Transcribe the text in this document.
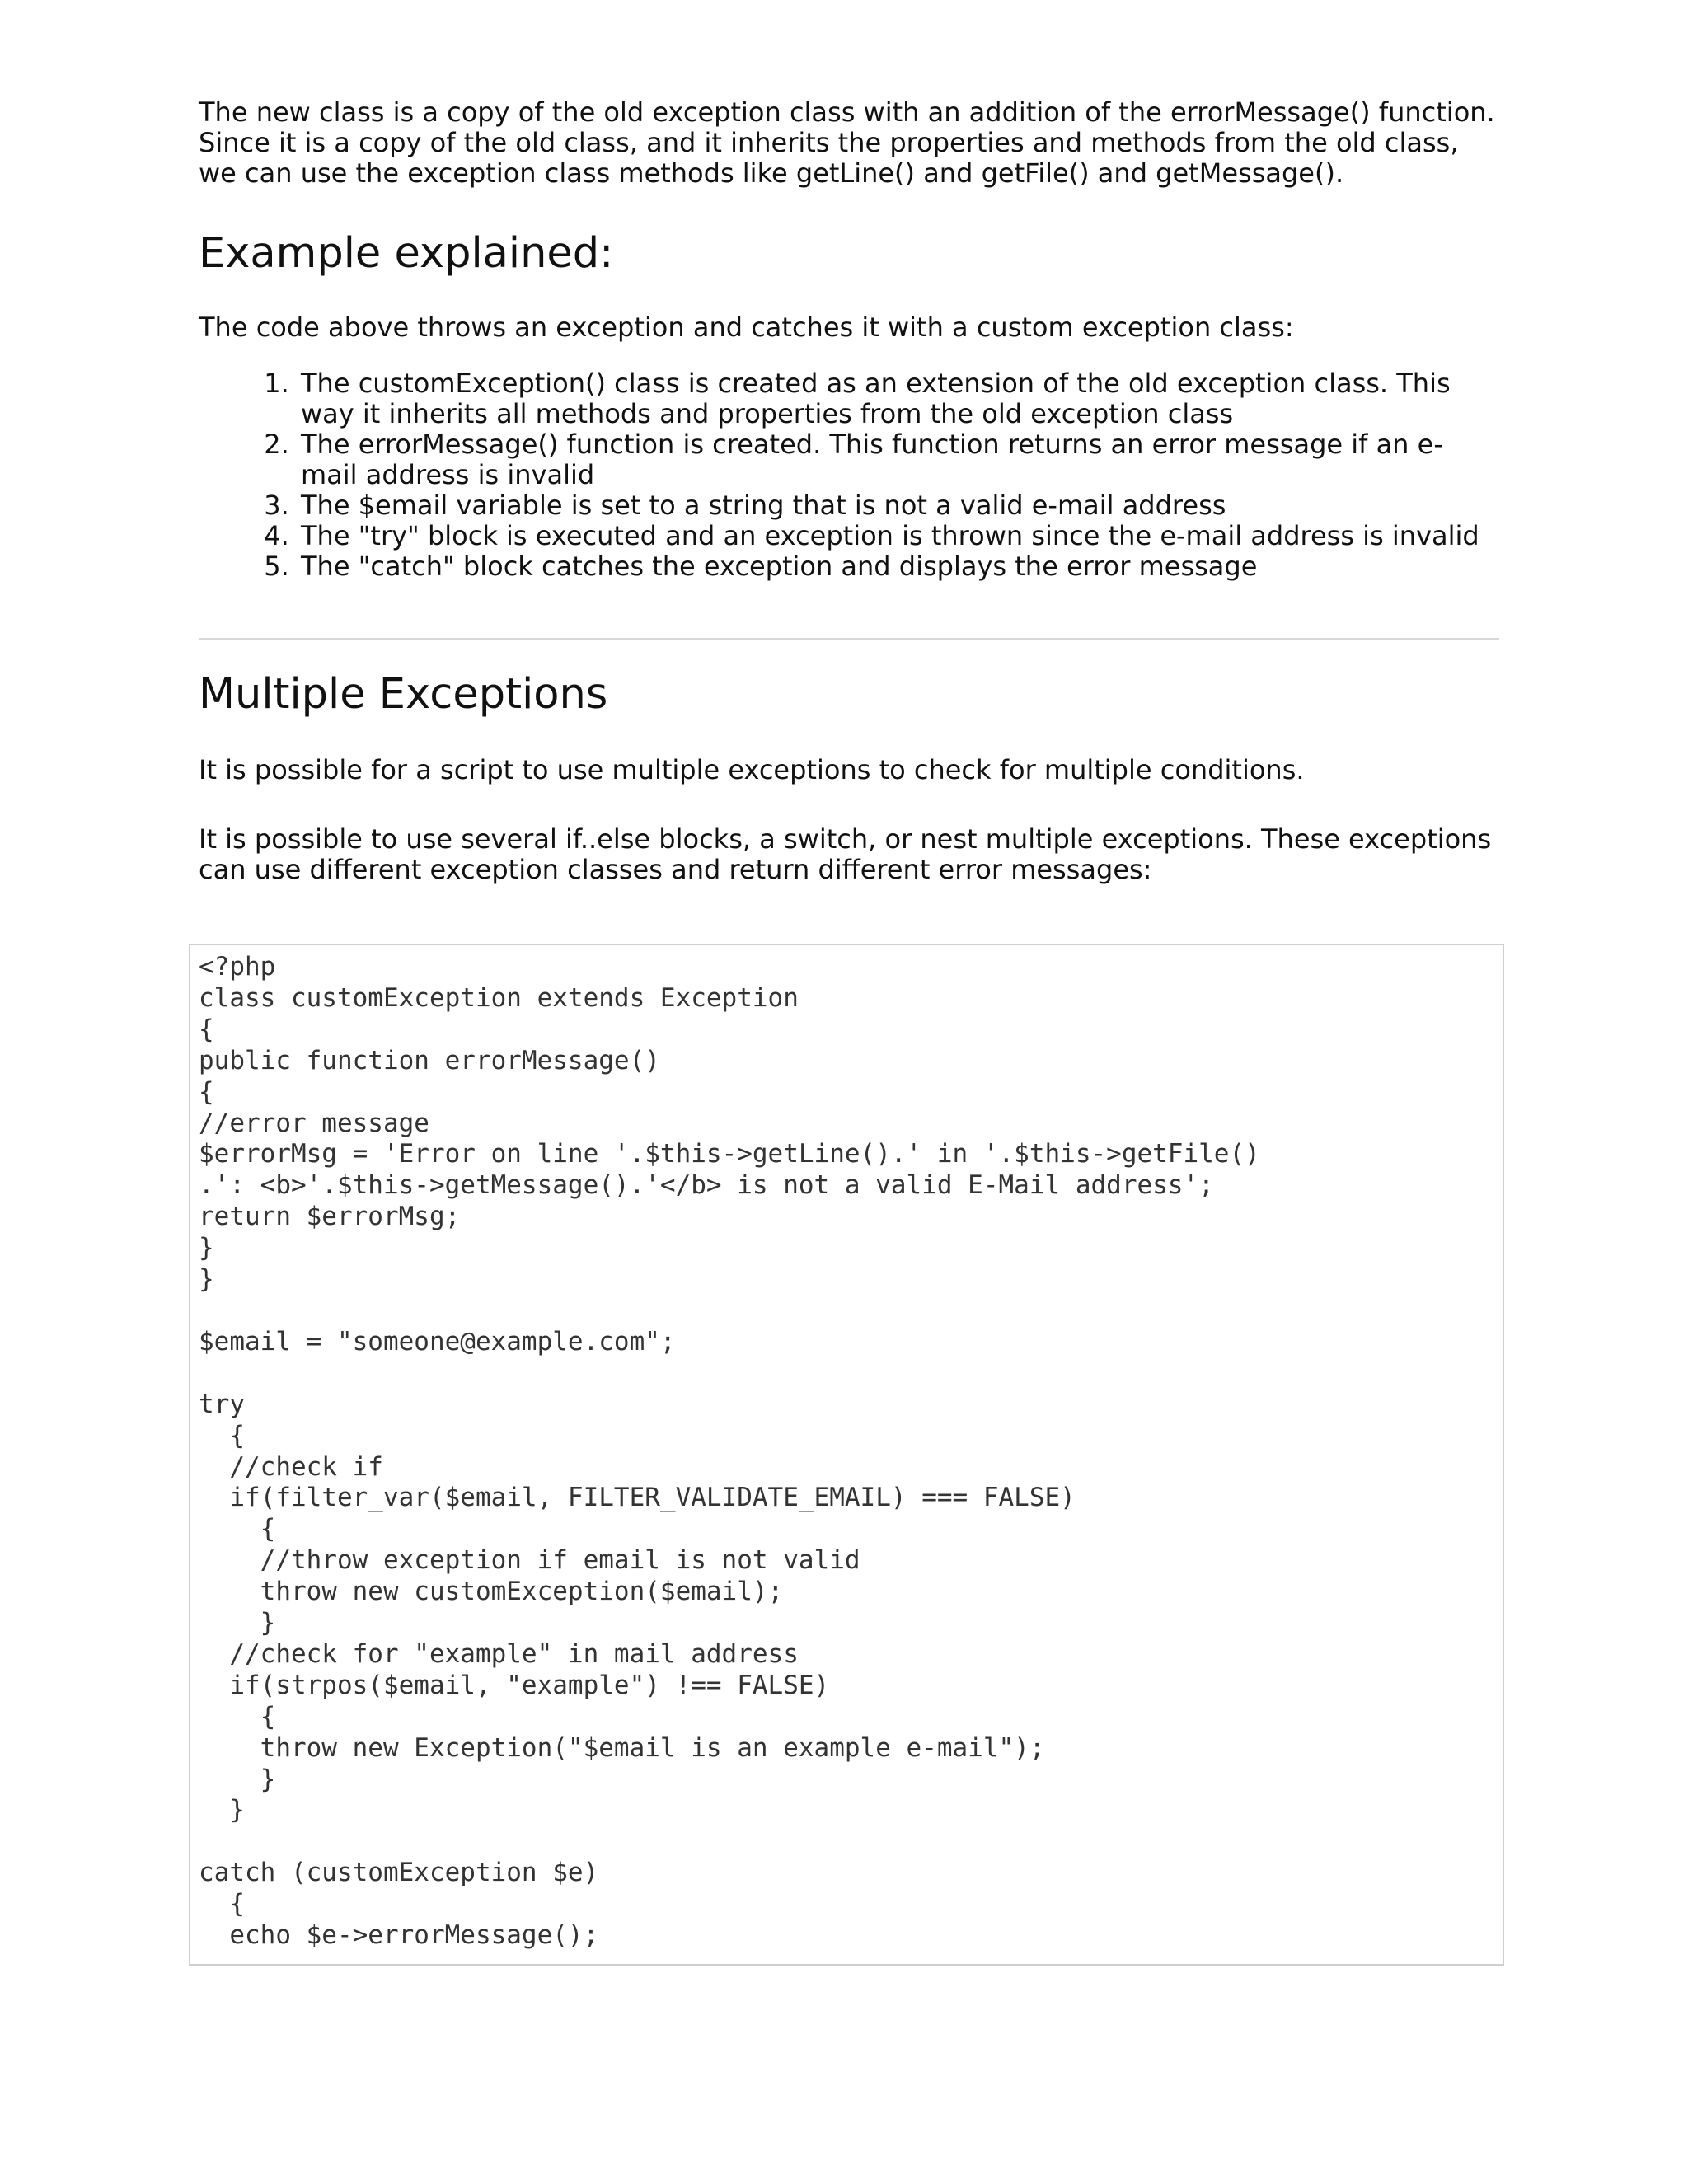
The new class is a copy of the old exception class with an addition of the errorMessage() function. Since it is a copy of the old class, and it inherits the properties and methods from the old class, we can use the exception class methods like getLine() and getFile() and getMessage().

Example explained:

The code above throws an exception and catches it with a custom exception class:

1. The customException() class is created as an extension of the old exception class. This way it inherits all methods and properties from the old exception class
2. The errorMessage() function is created. This function returns an error message if an e-mail address is invalid
3. The $email variable is set to a string that is not a valid e-mail address
4. The "try" block is executed and an exception is thrown since the e-mail address is invalid
5. The "catch" block catches the exception and displays the error message
Multiple Exceptions

It is possible for a script to use multiple exceptions to check for multiple conditions.

It is possible to use several if..else blocks, a switch, or nest multiple exceptions. These exceptions can use different exception classes and return different error messages:

<?php
class customException extends Exception
{
public function errorMessage()
{
//error message
$errorMsg = 'Error on line '.$this->getLine().' in '.$this->getFile()
.': <b>'.$this->getMessage().'</b> is not a valid E-Mail address';
return $errorMsg;
}
}

$email = "someone@example.com";

try
{
//check if
if(filter_var($email, FILTER_VALIDATE_EMAIL) === FALSE)
{
//throw exception if email is not valid
throw new customException($email);
}
//check for "example" in mail address
if(strpos($email, "example") !== FALSE)
{
throw new Exception("$email is an example e-mail");
}
}

catch (customException $e)
{
echo $e->errorMessage();
